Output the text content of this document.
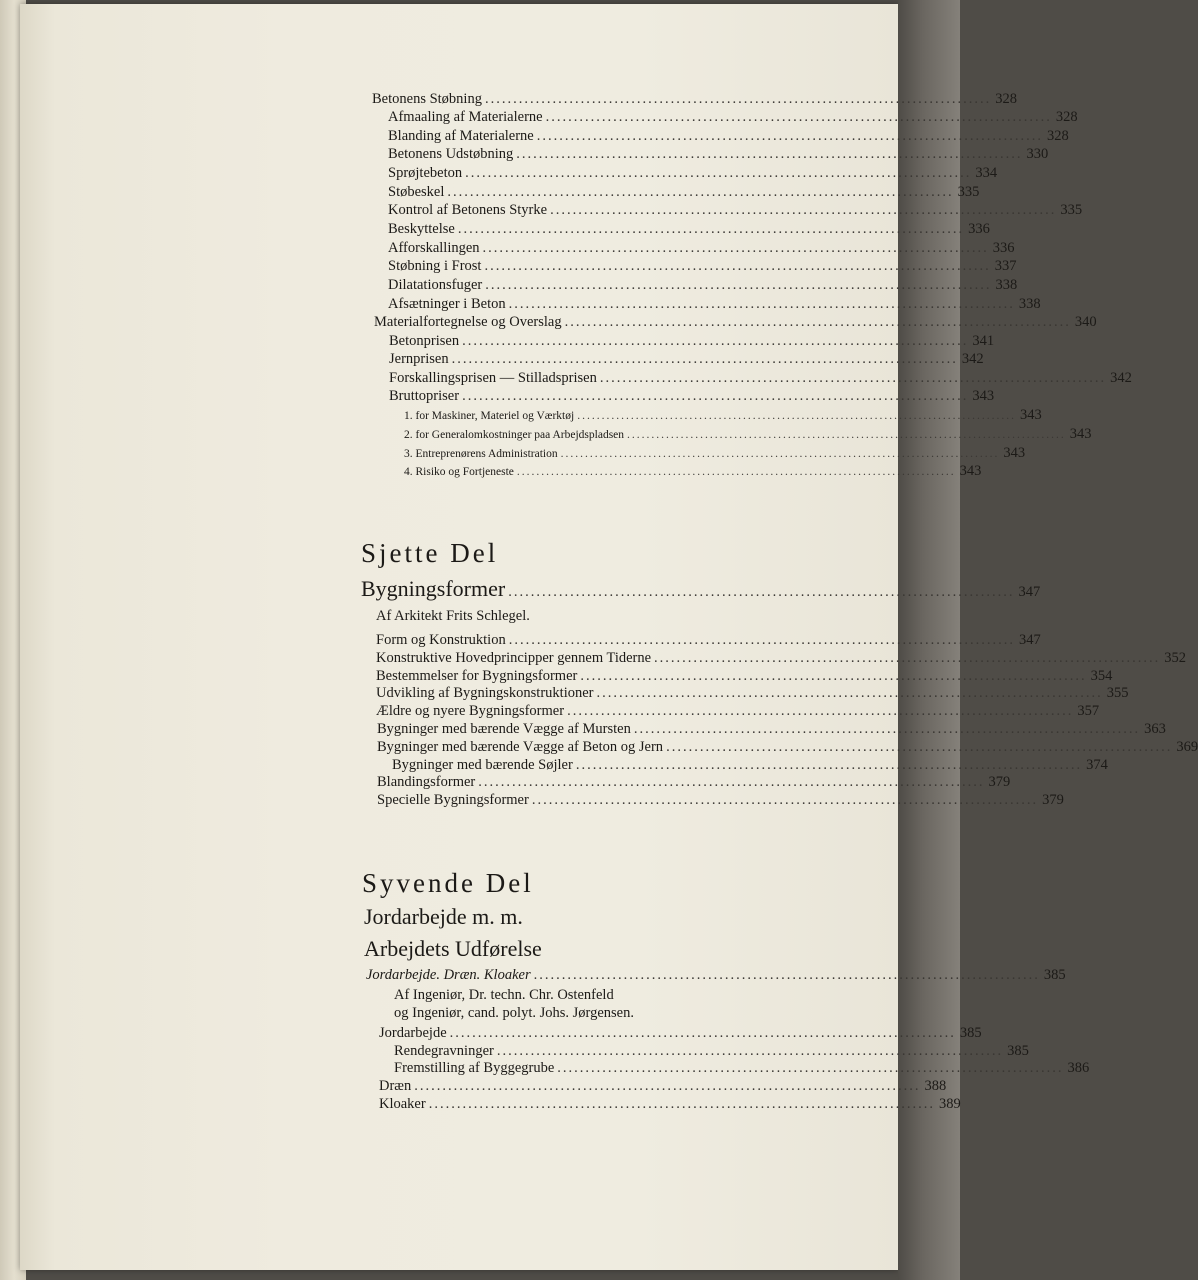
Betonens Støbning .......................................................................................... 328
Afmaaling af Materialerne .......................................................................................... 328
Blanding af Materialerne .......................................................................................... 328
Betonens Udstøbning .......................................................................................... 330
Sprøjtebeton .......................................................................................... 334
Støbeskel .......................................................................................... 335
Kontrol af Betonens Styrke .......................................................................................... 335
Beskyttelse .......................................................................................... 336
Afforskallingen .......................................................................................... 336
Støbning i Frost .......................................................................................... 337
Dilatationsfuger .......................................................................................... 338
Afsætninger i Beton .......................................................................................... 338
Materialfortegnelse og Overslag .......................................................................................... 340
Betonprisen .......................................................................................... 341
Jernprisen .......................................................................................... 342
Forskallingsprisen — Stilladsprisen .......................................................................................... 342
Bruttopriser .......................................................................................... 343
1. for Maskiner, Materiel og Værktøj .......................................................................................... 343
2. for Generalomkostninger paa Arbejdspladsen .......................................................................................... 343
3. Entreprenørens Administration .......................................................................................... 343
4. Risiko og Fortjeneste .......................................................................................... 343
Sjette Del
Bygningsformer .......................................................................................... 347
Af Arkitekt Frits Schlegel.
Form og Konstruktion .......................................................................................... 347
Konstruktive Hovedprincipper gennem Tiderne .......................................................................................... 352
Bestemmelser for Bygningsformer .......................................................................................... 354
Udvikling af Bygningskonstruktioner .......................................................................................... 355
Ældre og nyere Bygningsformer .......................................................................................... 357
Bygninger med bærende Vægge af Mursten .......................................................................................... 363
Bygninger med bærende Vægge af Beton og Jern .......................................................................................... 369
Bygninger med bærende Søjler .......................................................................................... 374
Blandingsformer .......................................................................................... 379
Specielle Bygningsformer .......................................................................................... 379
Syvende Del
Jordarbejde m. m.
Arbejdets Udførelse
Jordarbejde. Dræn. Kloaker .......................................................................................... 385
Af Ingeniør, Dr. techn. Chr. Ostenfeld
og Ingeniør, cand. polyt. Johs. Jørgensen.
Jordarbejde .......................................................................................... 385
Rendegravninger .......................................................................................... 385
Fremstilling af Byggegrube .......................................................................................... 386
Dræn .......................................................................................... 388
Kloaker .......................................................................................... 389
